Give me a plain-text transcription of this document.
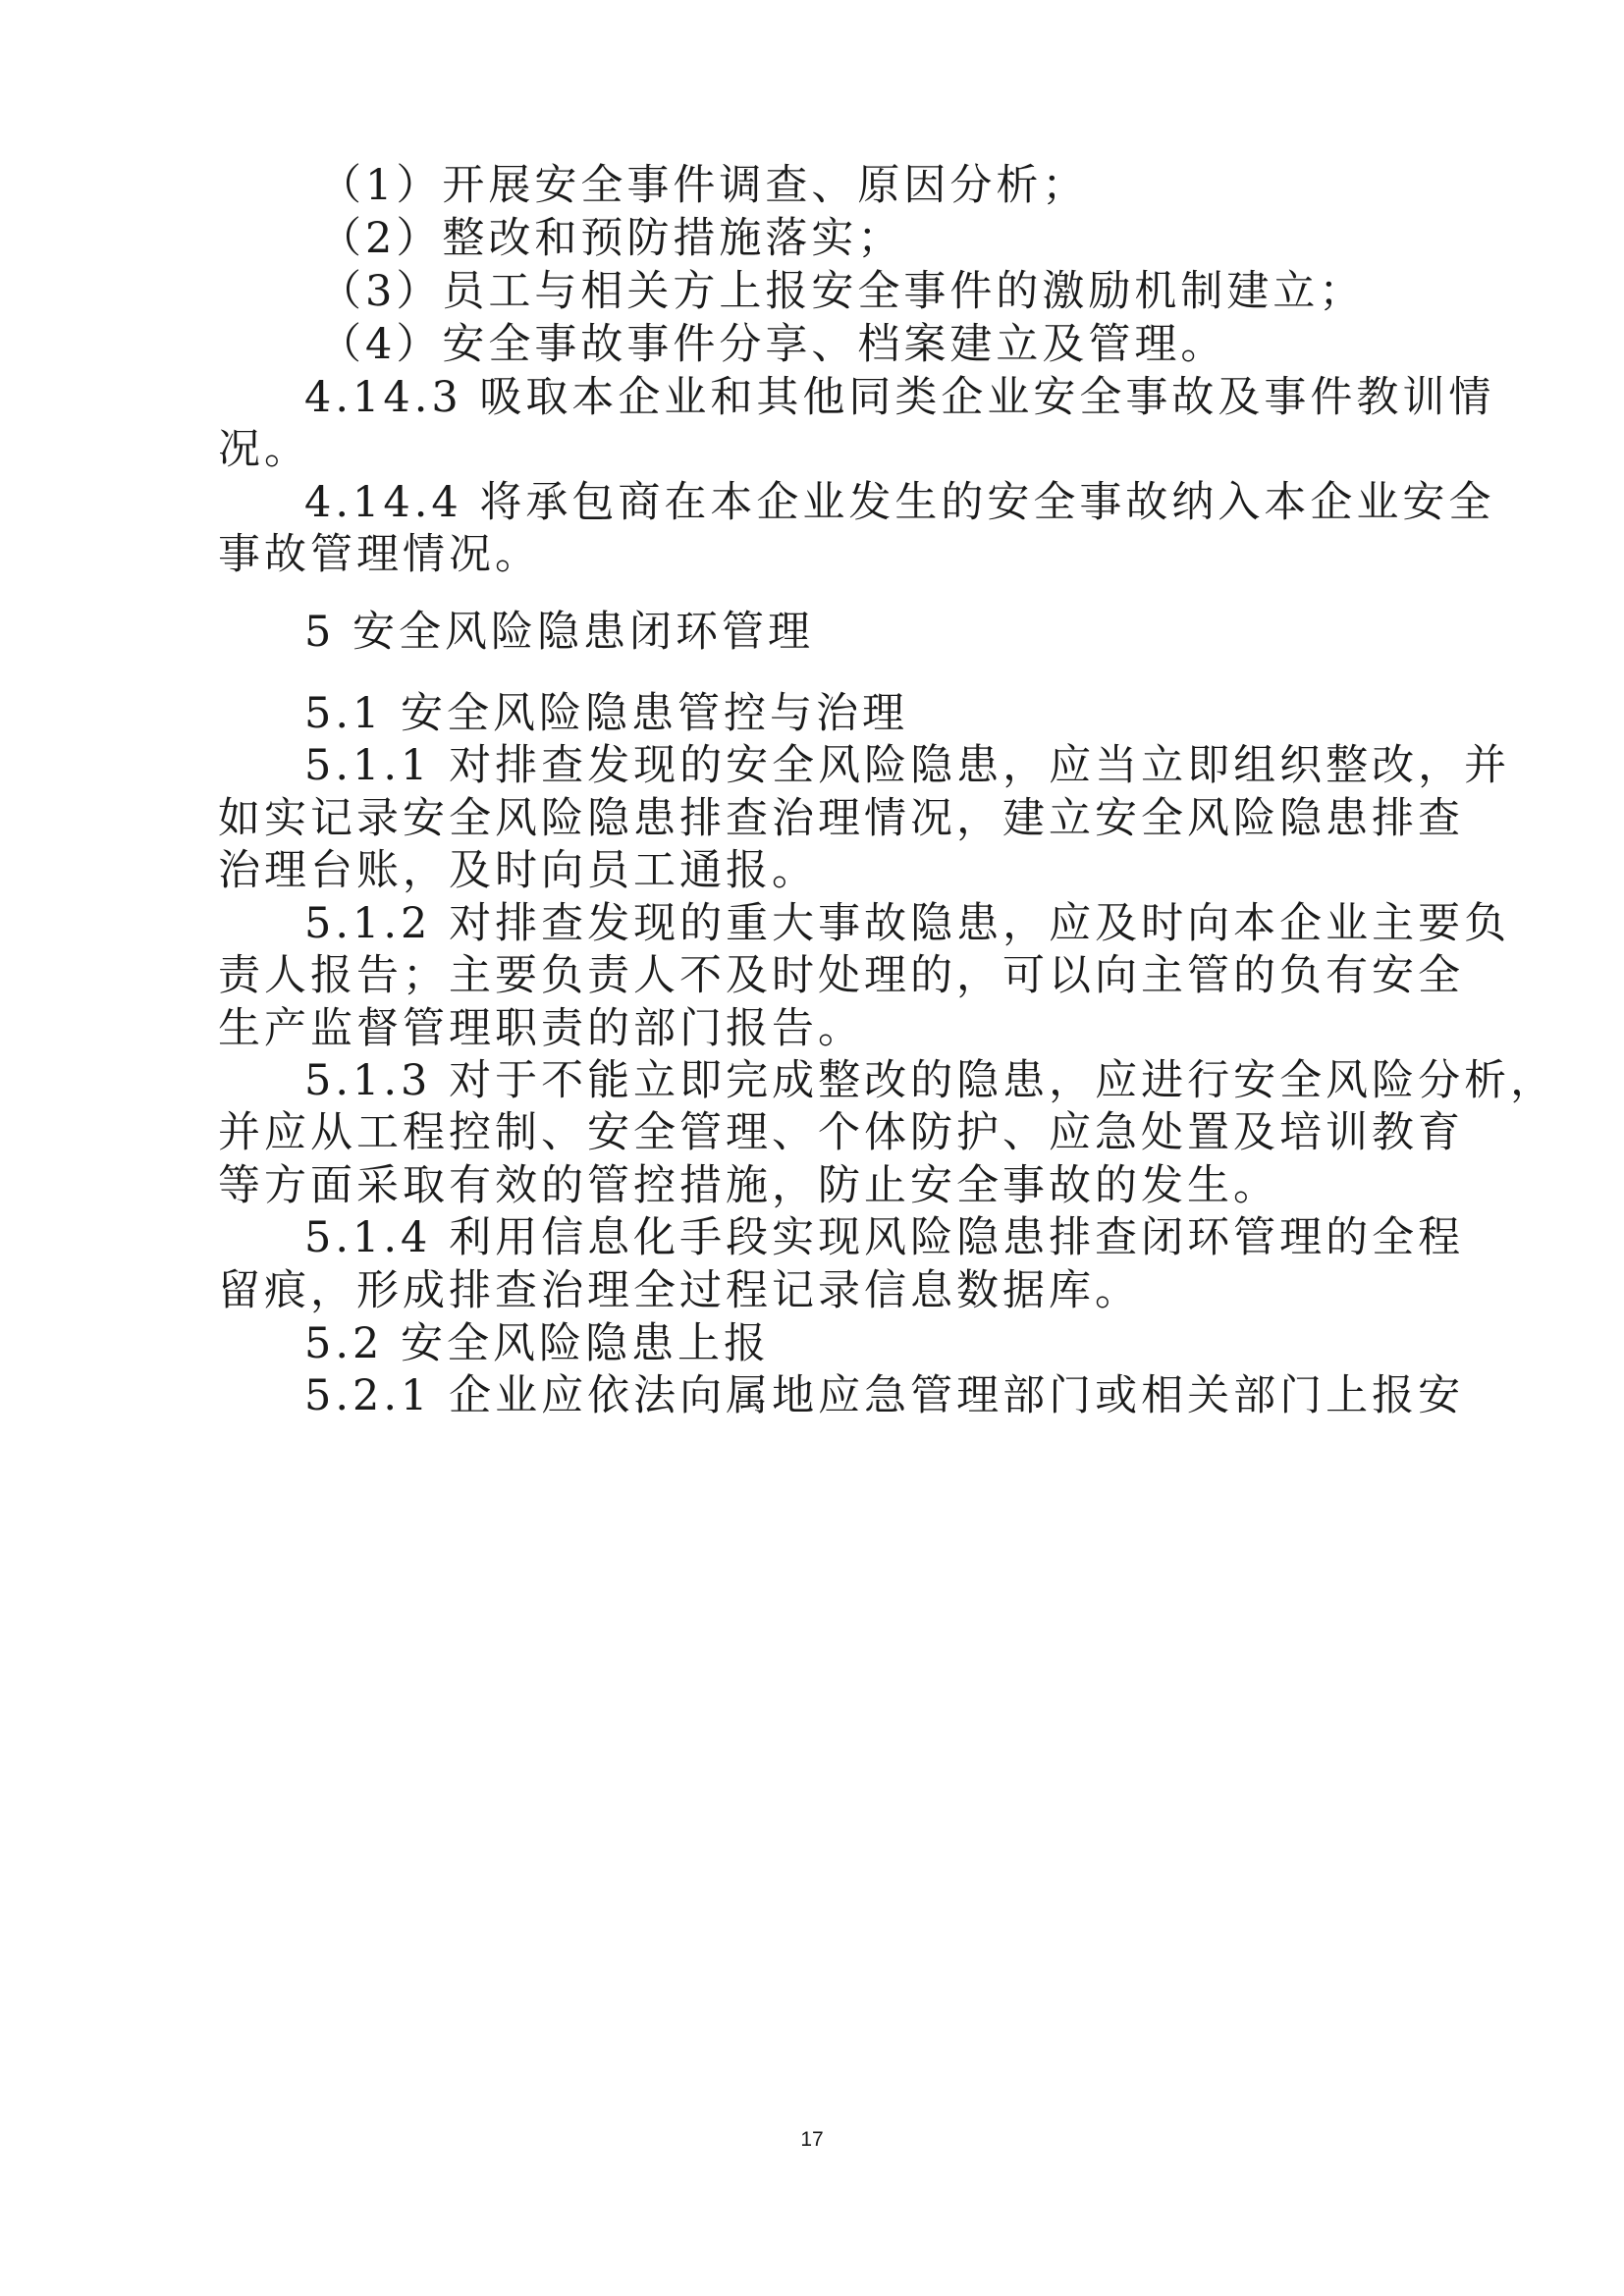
（1）开展安全事件调查、原因分析；
（2）整改和预防措施落实；
（3）员工与相关方上报安全事件的激励机制建立；
（4）安全事故事件分享、档案建立及管理。
4.14.3 吸取本企业和其他同类企业安全事故及事件教训情
况。
4.14.4 将承包商在本企业发生的安全事故纳入本企业安全
事故管理情况。
5 安全风险隐患闭环管理
5.1 安全风险隐患管控与治理
5.1.1 对排查发现的安全风险隐患，应当立即组织整改，并
如实记录安全风险隐患排查治理情况，建立安全风险隐患排查
治理台账，及时向员工通报。
5.1.2 对排查发现的重大事故隐患，应及时向本企业主要负
责人报告；主要负责人不及时处理的，可以向主管的负有安全
生产监督管理职责的部门报告。
5.1.3 对于不能立即完成整改的隐患，应进行安全风险分析，
并应从工程控制、安全管理、个体防护、应急处置及培训教育
等方面采取有效的管控措施，防止安全事故的发生。
5.1.4 利用信息化手段实现风险隐患排查闭环管理的全程
留痕，形成排查治理全过程记录信息数据库。
5.2 安全风险隐患上报
5.2.1 企业应依法向属地应急管理部门或相关部门上报安
17
